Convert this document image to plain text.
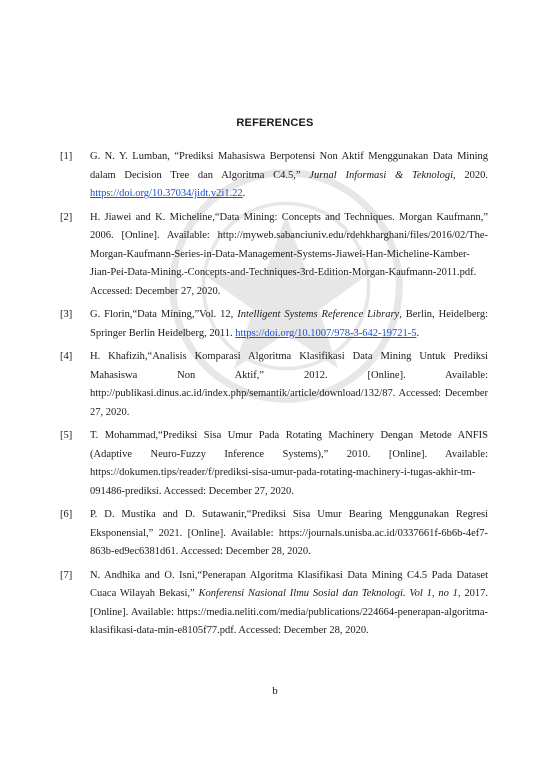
REFERENCES
[1]	G. N. Y. Lumban, “Prediksi Mahasiswa Berpotensi Non Aktif Menggunakan Data Mining dalam Decision Tree dan Algoritma C4.5,” Jurnal Informasi & Teknologi, 2020. https://doi.org/10.37034/jidt.v2i1.22.
[2]	H. Jiawei and K. Micheline,“Data Mining: Concepts and Techniques. Morgan Kaufmann,” 2006. [Online]. Available: http://myweb.sabanciuniv.edu/rdehkharghani/files/2016/02/The-Morgan-Kaufmann-Series-in-Data-Management-Systems-Jiawei-Han-Micheline-Kamber-Jian-Pei-Data-Mining.-Concepts-and-Techniques-3rd-Edition-Morgan-Kaufmann-2011.pdf. Accessed: December 27, 2020.
[3]	G. Florin,“Data Mining,”Vol. 12, Intelligent Systems Reference Library, Berlin, Heidelberg: Springer Berlin Heidelberg, 2011. https://doi.org/10.1007/978-3-642-19721-5.
[4]	H. Khafizih,“Analisis Komparasi Algoritma Klasifikasi Data Mining Untuk Prediksi Mahasiswa Non Aktif,” 2012. [Online]. Available: http://publikasi.dinus.ac.id/index.php/semantik/article/download/132/87. Accessed: December 27, 2020.
[5]	T. Mohammad,“Prediksi Sisa Umur Pada Rotating Machinery Dengan Metode ANFIS (Adaptive Neuro-Fuzzy Inference Systems),” 2010. [Online]. Available: https://dokumen.tips/reader/f/prediksi-sisa-umur-pada-rotating-machinery-i-tugas-akhir-tm-091486-prediksi. Accessed: December 27, 2020.
[6]	P. D. Mustika and D. Sutawanir,“Prediksi Sisa Umur Bearing Menggunakan Regresi Eksponensial,” 2021. [Online]. Available: https://journals.unisba.ac.id/0337661f-6b6b-4ef7-863b-ed9ec6381d61. Accessed: December 28, 2020.
[7]	N. Andhika and O. Isni,“Penerapan Algoritma Klasifikasi Data Mining C4.5 Pada Dataset Cuaca Wilayah Bekasi,” Konferensi Nasional Ilmu Sosial dan Teknologi. Vol 1, no 1, 2017. [Online]. Available: https://media.neliti.com/media/publications/224664-penerapan-algoritma-klasifikasi-data-min-e8105f77.pdf. Accessed: December 28, 2020.
b
